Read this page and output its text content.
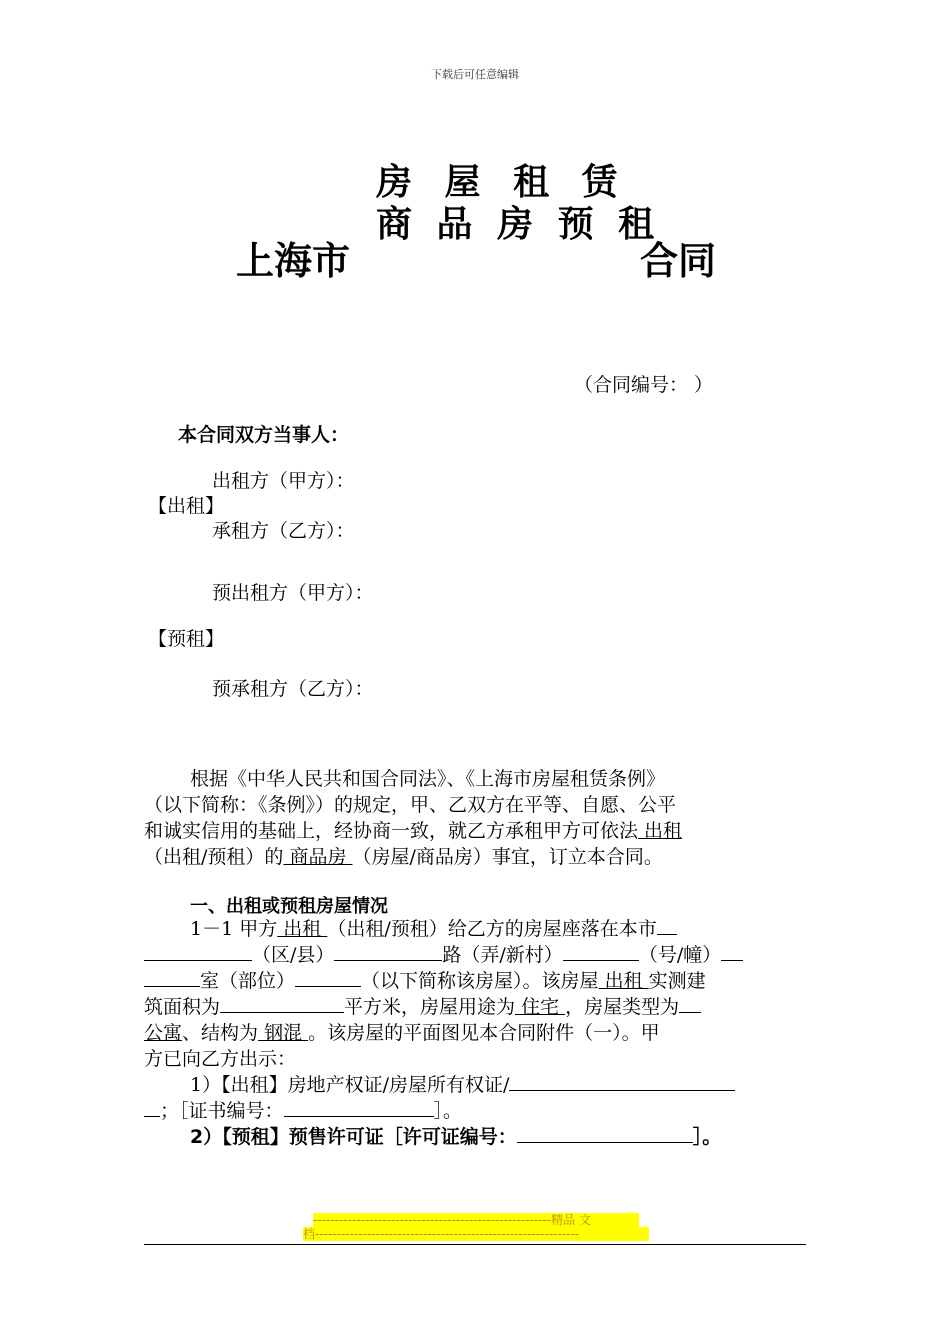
下载后可任意编辑
房 屋 租 赁
商 品 房 预 租
上海市	合同
（合同编号： ）
本合同双方当事人：
出租方（甲方）：
【出租】
承租方（乙方）：
预出租方（甲方）：
【预租】
预承租方（乙方）：
根据《中华人民共和国合同法》、《上海市房屋租赁条例》
（以下简称：《条例》）的规定，甲、乙双方在平等、自愿、公平
和诚实信用的基础上，经协商一致，就乙方承租甲方可依法 出租
（出租/预租）的 商品房 （房屋/商品房）事宜，订立本合同。
一、出租或预租房屋情况
1－1 甲方 出租 （出租/预租）给乙方的房屋座落在本市
（区/县）	路（弄/新村）	（号/幢）
室（部位）	（以下简称该房屋）。该房屋 出租 实测建
筑面积为	平方米，房屋用途为 住宅 ，房屋类型为
公寓、结构为 钢混 。该房屋的平面图见本合同附件（一）。甲
方已向乙方出示：
1）【出租】房地产权证/房屋所有权证/
；［证书编号：	］。
2）【预租】预售许可证［许可证编号：	］。
-------------------------------------------------------精品 文
档-------------------------------------------------------------
